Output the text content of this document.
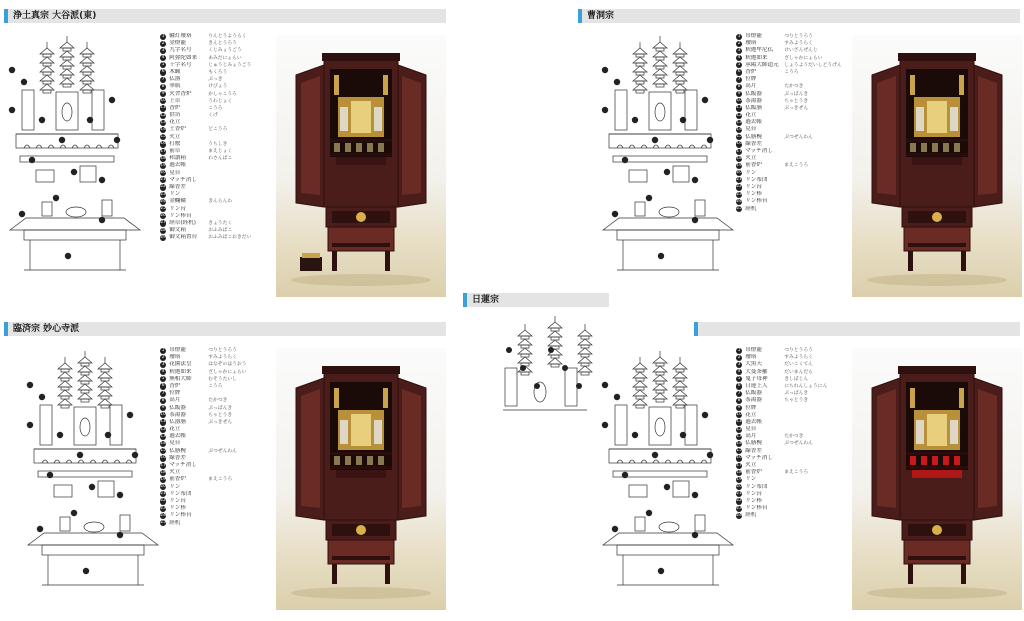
浄土真宗 大谷派(東)	曹洞宗
日蓮宗
臨済宗 妙心寺派
1 輪灯瓔珞	りんとうようらく
2 金燈籠	きんとうろう
3 九字名号	くじみょうごう
4 阿弥陀如来	あみだにょらい
5 十字名号	じゅうじみょうごう
6 木蝋	もくろう
7 仏器	ぶっき
8 華瓶	けびょう
9 火舎香炉	かしゃこうろ
10 上卓	うわじょく
11 香炉	こうろ
12 供笥	くげ
13 花立
14 土香炉	どこうろ
15 火立
16 打敷	うちしき
17 前卓	まえじょく
18 和讃箱	わさんばこ
19 過去帳
20 見台
21 マッチ消し
22 線香差
23 リン
24 金欄輪	きんらんわ
25 リン台
26 リン棒台
27 経卓(経机)	きょうたく
28 御文箱	おふみばこ
29 御文箱置台	おふみばこおきだい
1 吊燈籠	つりとうろう
2 瓔珞	すみようらく
3 釈迦牟尼仏	けいざんぜんじ
4 釈迦如来	ざしゃかにょらい
5 承陽大師道元	しょうようだいしどうげん
6 香炉	こうろ
7 位牌
8 高月	たかつき
9 仏飯器	ぶっぱんき
10 茶湯器	ちゃとうき
11 仏飯膳	ぶっきぜん
12 花立
13 過去帳
14 見台
15 仏膳椀	ぶつぜんわん
16 線香差
17 マッチ消し
18 火立
19 前香炉	まえこうろ
20 リン
21 リン布団
22 リン台
23 リン棒
24 リン棒台
25 経机
1 吊燈籠	つりとうろう
2 瓔珞	すみようらく
3 花園法皇	はなぞのほうおう
4 釈迦如来	ざしゃかにょらい
5 無相大師	むそうたいし
6 香炉	こうろ
7 位牌
8 高月	たかつき
9 仏飯器	ぶっぱんき
10 茶湯器	ちゃとうき
11 仏器膳	ぶっきぜん
12 花立
13 過去帳
14 見台
15 仏膳椀	ぶつぜんわん
16 線香差
17 マッチ消し
18 火立
19 前香炉	まえこうろ
20 リン
21 リン布団
22 リン台
23 リン棒
24 リン棒台
25 経机
1 吊燈籠	つりとうろう
2 瓔珞	すみようらく
3 大黒天	だいこくてん
4 大曼荼羅	だいまんだら
5 鬼子母神	きしぼじん
6 日蓮上人	にちれんしょうにん
7 仏飯器	ぶっぱんき
8 茶湯器	ちゃとうき
9 位牌
10 花立
11 過去帳
12 見台
13 高月	たかつき
14 仏膳椀	ぶつぜんわん
15 線香差
16 マッチ消し
17 火立
18 前香炉	まえこうろ
19 リン
20 リン布団
21 リン台
22 リン棒
23 リン棒台
24 経机
